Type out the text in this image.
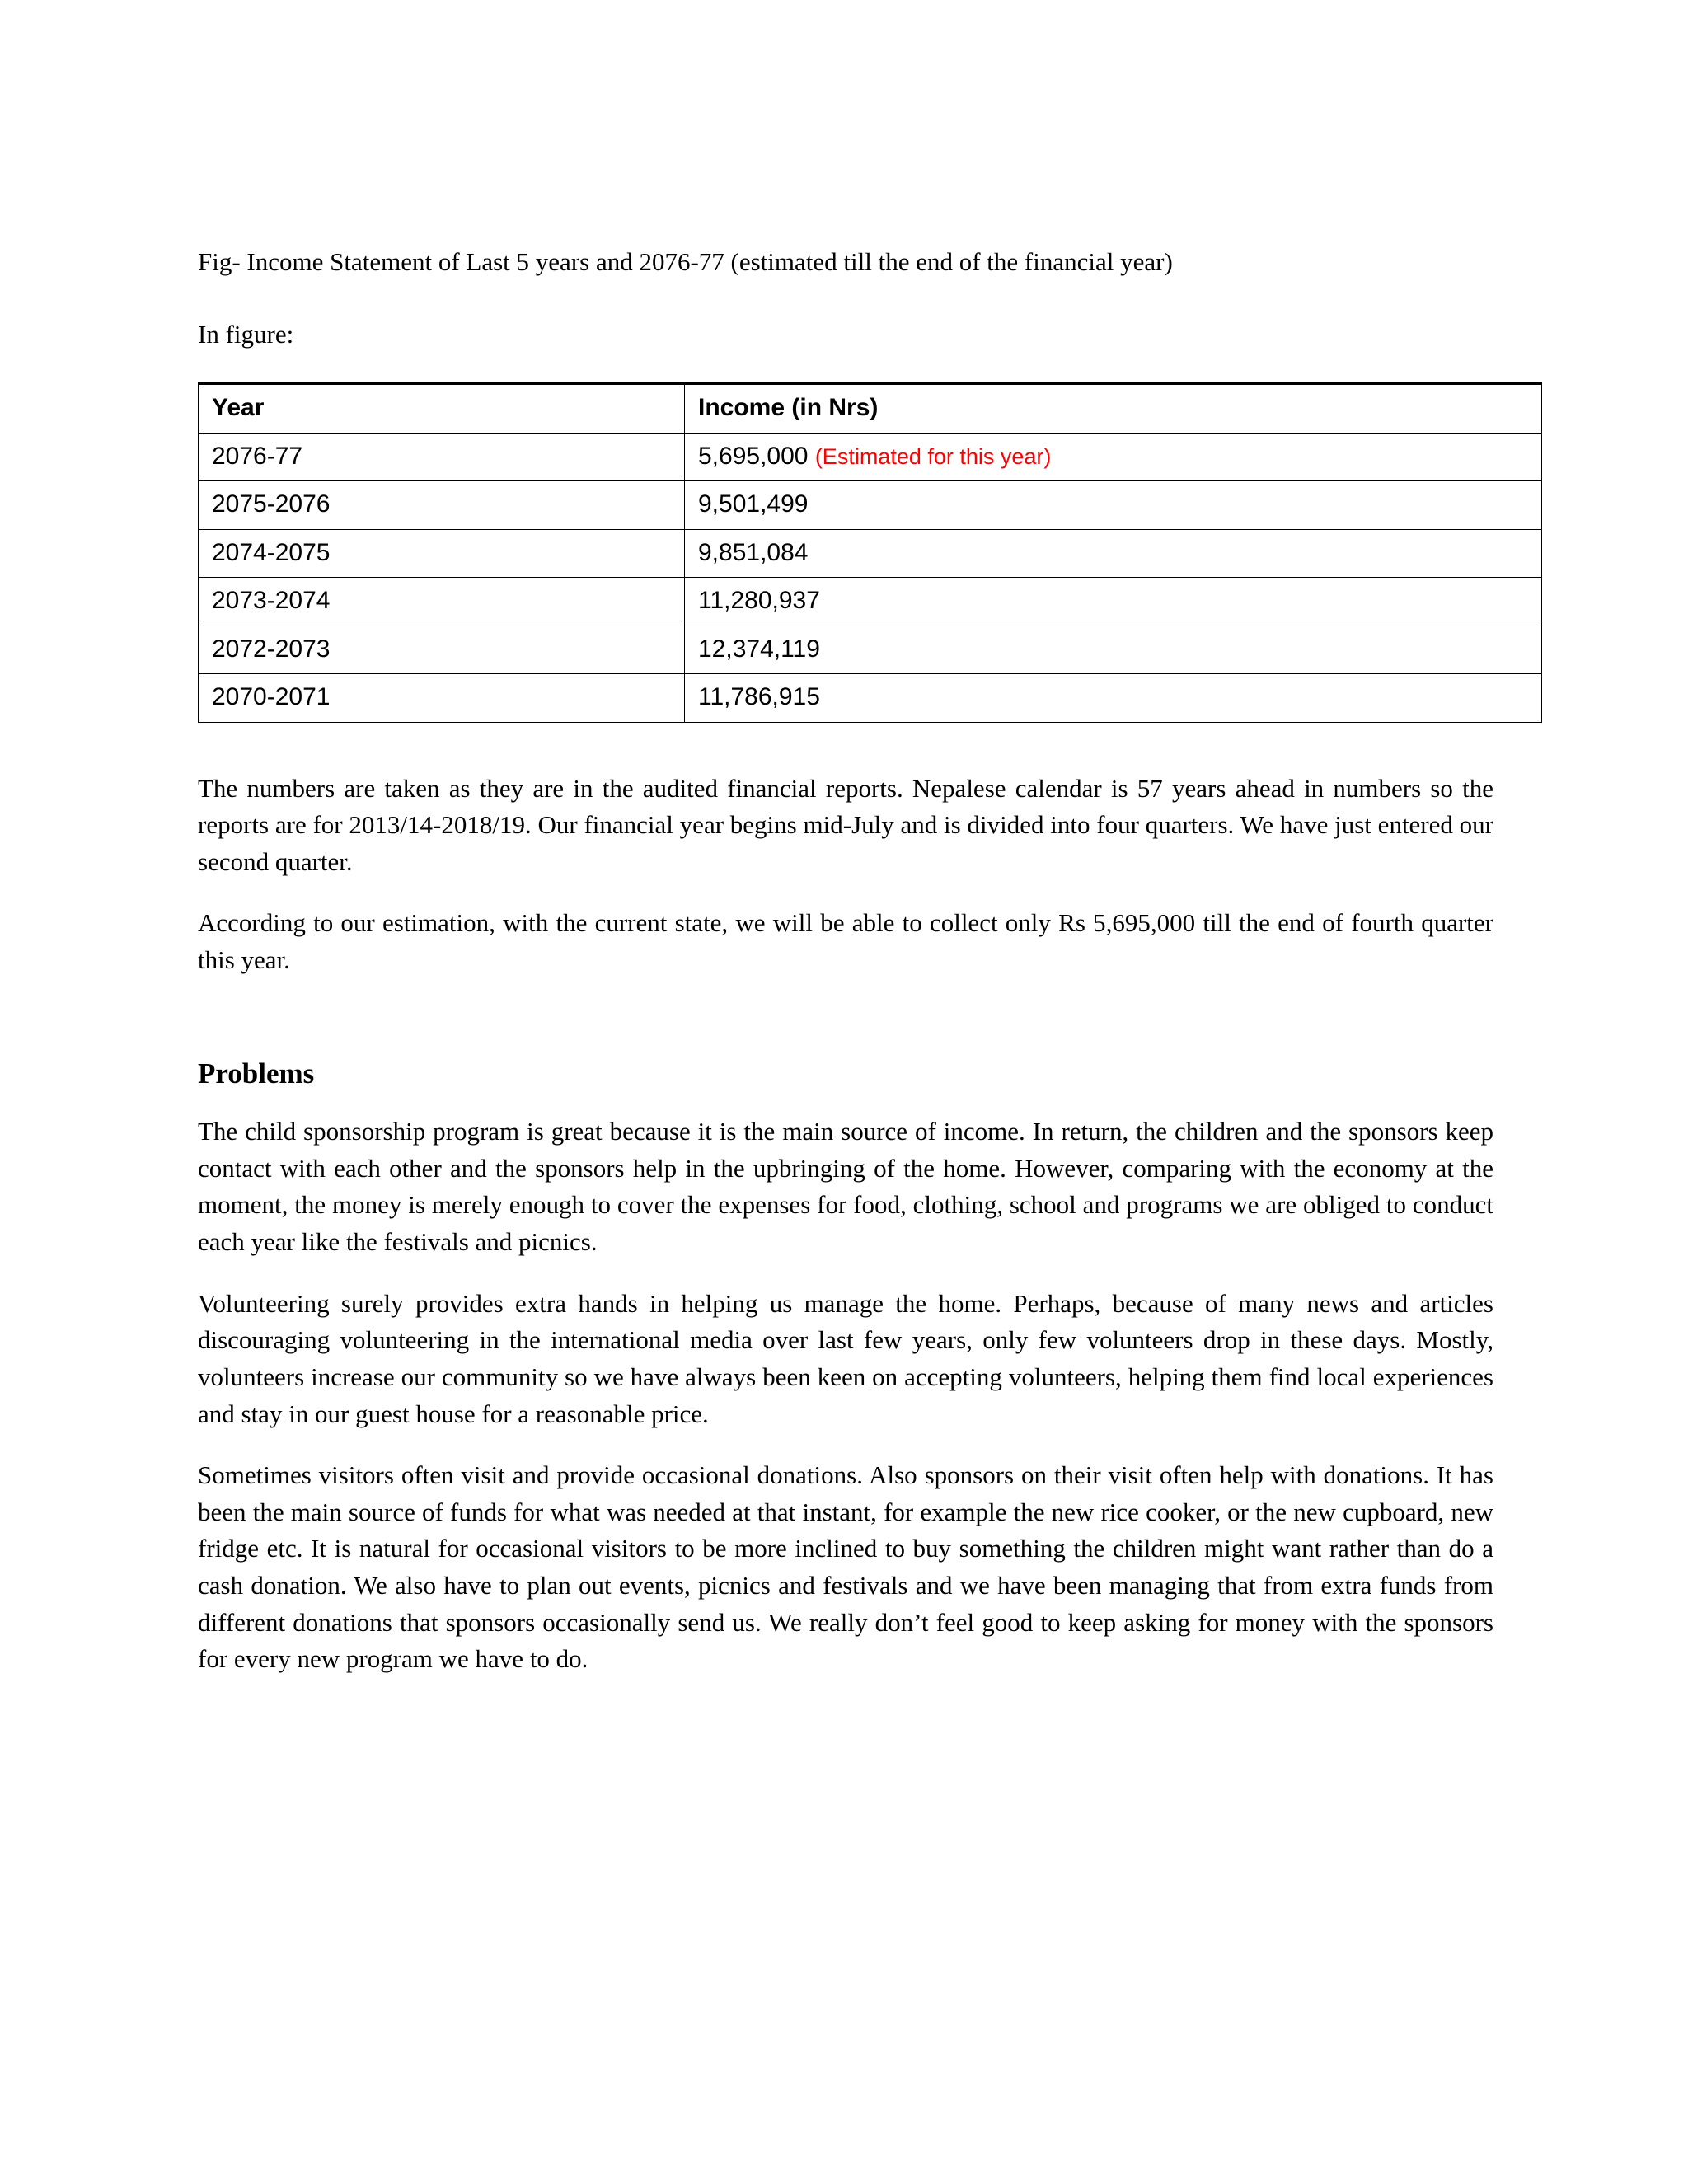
Fig- Income Statement of Last 5 years and 2076-77 (estimated till the end of the financial year)

In figure:

Year	Income (in Nrs)
2076-77	5,695,000 (Estimated for this year)
2075-2076	9,501,499
2074-2075	9,851,084
2073-2074	11,280,937
2072-2073	12,374,119
2070-2071	11,786,915

The numbers are taken as they are in the audited financial reports. Nepalese calendar is 57 years ahead in numbers so the reports are for 2013/14-2018/19. Our financial year begins mid-July and is divided into four quarters. We have just entered our second quarter.

According to our estimation, with the current state, we will be able to collect only Rs 5,695,000 till the end of fourth quarter this year.

Problems

The child sponsorship program is great because it is the main source of income. In return, the children and the sponsors keep contact with each other and the sponsors help in the upbringing of the home. However, comparing with the economy at the moment, the money is merely enough to cover the expenses for food, clothing, school and programs we are obliged to conduct each year like the festivals and picnics.

Volunteering surely provides extra hands in helping us manage the home. Perhaps, because of many news and articles discouraging volunteering in the international media over last few years, only few volunteers drop in these days. Mostly, volunteers increase our community so we have always been keen on accepting volunteers, helping them find local experiences and stay in our guest house for a reasonable price.

Sometimes visitors often visit and provide occasional donations. Also sponsors on their visit often help with donations. It has been the main source of funds for what was needed at that instant, for example the new rice cooker, or the new cupboard, new fridge etc. It is natural for occasional visitors to be more inclined to buy something the children might want rather than do a cash donation. We also have to plan out events, picnics and festivals and we have been managing that from extra funds from different donations that sponsors occasionally send us. We really don’t feel good to keep asking for money with the sponsors for every new program we have to do.
